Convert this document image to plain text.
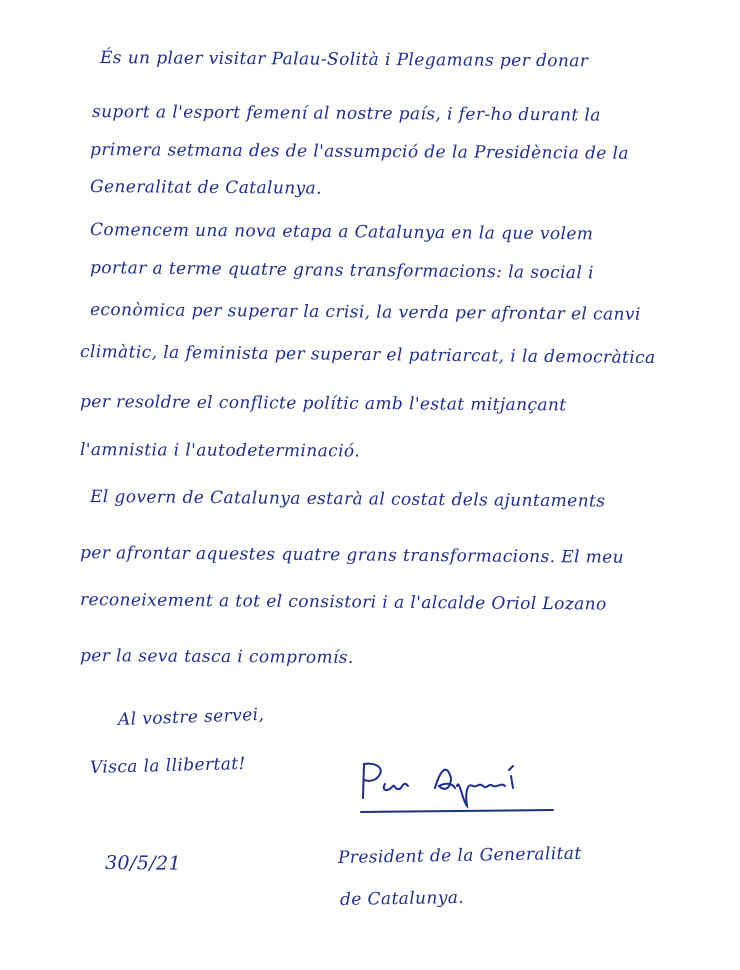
És un plaer visitar Palau-Solità i Plegamans per donar
suport a l'esport femení al nostre país, i fer-ho durant la
primera setmana des de l'assumpció de la Presidència de la
Generalitat de Catalunya.
Comencem una nova etapa a Catalunya en la que volem
portar a terme quatre grans transformacions: la social i
econòmica per superar la crisi, la verda per afrontar el canvi
climàtic, la feminista per superar el patriarcat, i la democràtica
per resoldre el conflicte polític amb l'estat mitjançant
l'amnistia i l'autodeterminació.
El govern de Catalunya estarà al costat dels ajuntaments
per afrontar aquestes quatre grans transformacions. El meu
reconeixement a tot el consistori i a l'alcalde Oriol Lozano
per la seva tasca i compromís.
Al vostre servei,
Visca la llibertat!
30/5/21	President de la Generalitat
de Catalunya.
